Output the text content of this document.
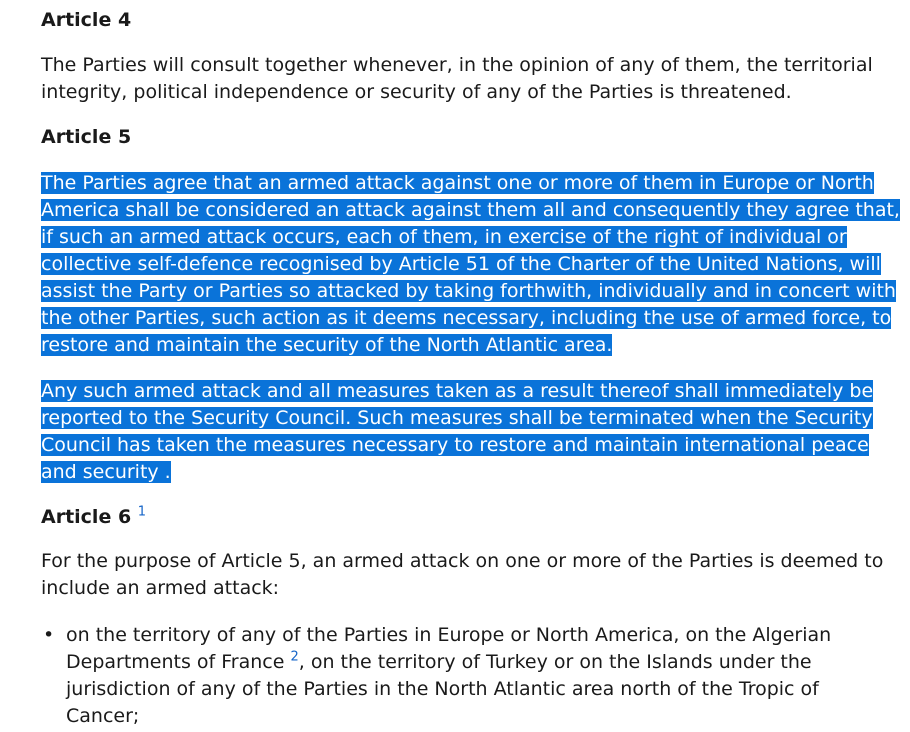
Article 4

The Parties will consult together whenever, in the opinion of any of them, the territorial
integrity, political independence or security of any of the Parties is threatened.

Article 5

The Parties agree that an armed attack against one or more of them in Europe or North
America shall be considered an attack against them all and consequently they agree that,
if such an armed attack occurs, each of them, in exercise of the right of individual or
collective self-defence recognised by Article 51 of the Charter of the United Nations, will
assist the Party or Parties so attacked by taking forthwith, individually and in concert with
the other Parties, such action as it deems necessary, including the use of armed force, to
restore and maintain the security of the North Atlantic area.

Any such armed attack and all measures taken as a result thereof shall immediately be
reported to the Security Council. Such measures shall be terminated when the Security
Council has taken the measures necessary to restore and maintain international peace
and security .

Article 6 $^1$

For the purpose of Article 5, an armed attack on one or more of the Parties is deemed to
include an armed attack:

• on the territory of any of the Parties in Europe or North America, on the Algerian
Departments of France $^2$, on the territory of Turkey or on the Islands under the
jurisdiction of any of the Parties in the North Atlantic area north of the Tropic of
Cancer;
